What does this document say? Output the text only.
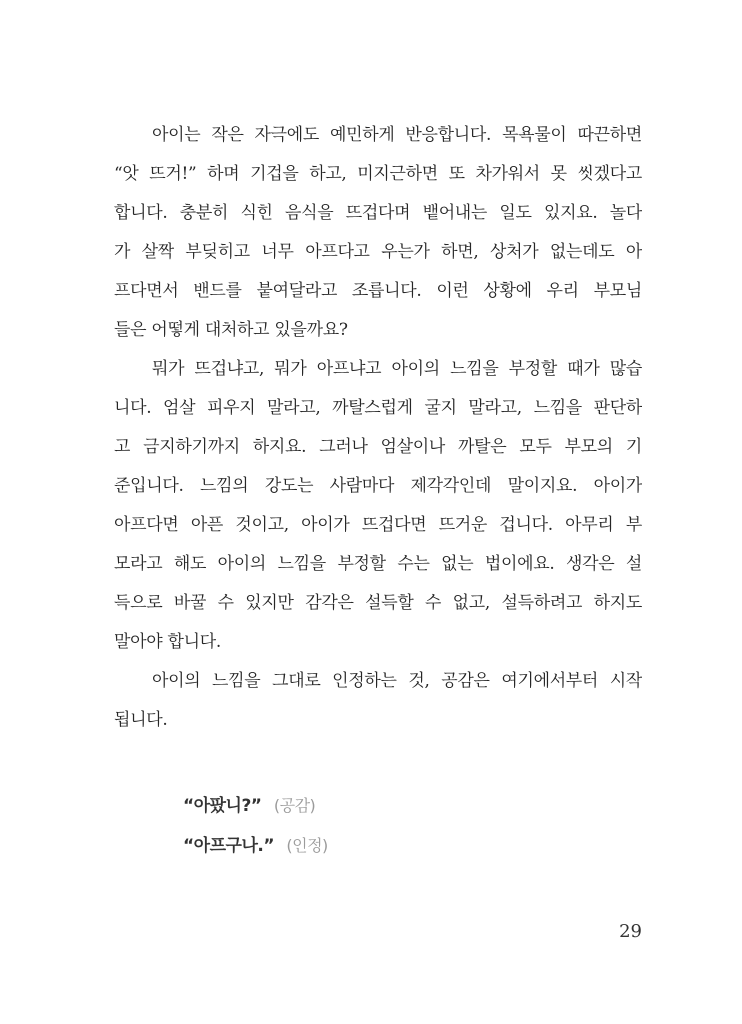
아이는 작은 자극에도 예민하게 반응합니다. 목욕물이 따끈하면
“앗 뜨거!” 하며 기겁을 하고, 미지근하면 또 차가워서 못 씻겠다고
합니다. 충분히 식힌 음식을 뜨겁다며 뱉어내는 일도 있지요. 놀다
가 살짝 부딪히고 너무 아프다고 우는가 하면, 상처가 없는데도 아
프다면서 밴드를 붙여달라고 조릅니다. 이런 상황에 우리 부모님
들은 어떻게 대처하고 있을까요?

뭐가 뜨겁냐고, 뭐가 아프냐고 아이의 느낌을 부정할 때가 많습
니다. 엄살 피우지 말라고, 까탈스럽게 굴지 말라고, 느낌을 판단하
고 금지하기까지 하지요. 그러나 엄살이나 까탈은 모두 부모의 기
준입니다. 느낌의 강도는 사람마다 제각각인데 말이지요. 아이가
아프다면 아픈 것이고, 아이가 뜨겁다면 뜨거운 겁니다. 아무리 부
모라고 해도 아이의 느낌을 부정할 수는 없는 법이에요. 생각은 설
득으로 바꿀 수 있지만 감각은 설득할 수 없고, 설득하려고 하지도
말아야 합니다.

아이의 느낌을 그대로 인정하는 것, 공감은 여기에서부터 시작
됩니다.

“아팠니?” (공감)
“아프구나.” (인정)
29
